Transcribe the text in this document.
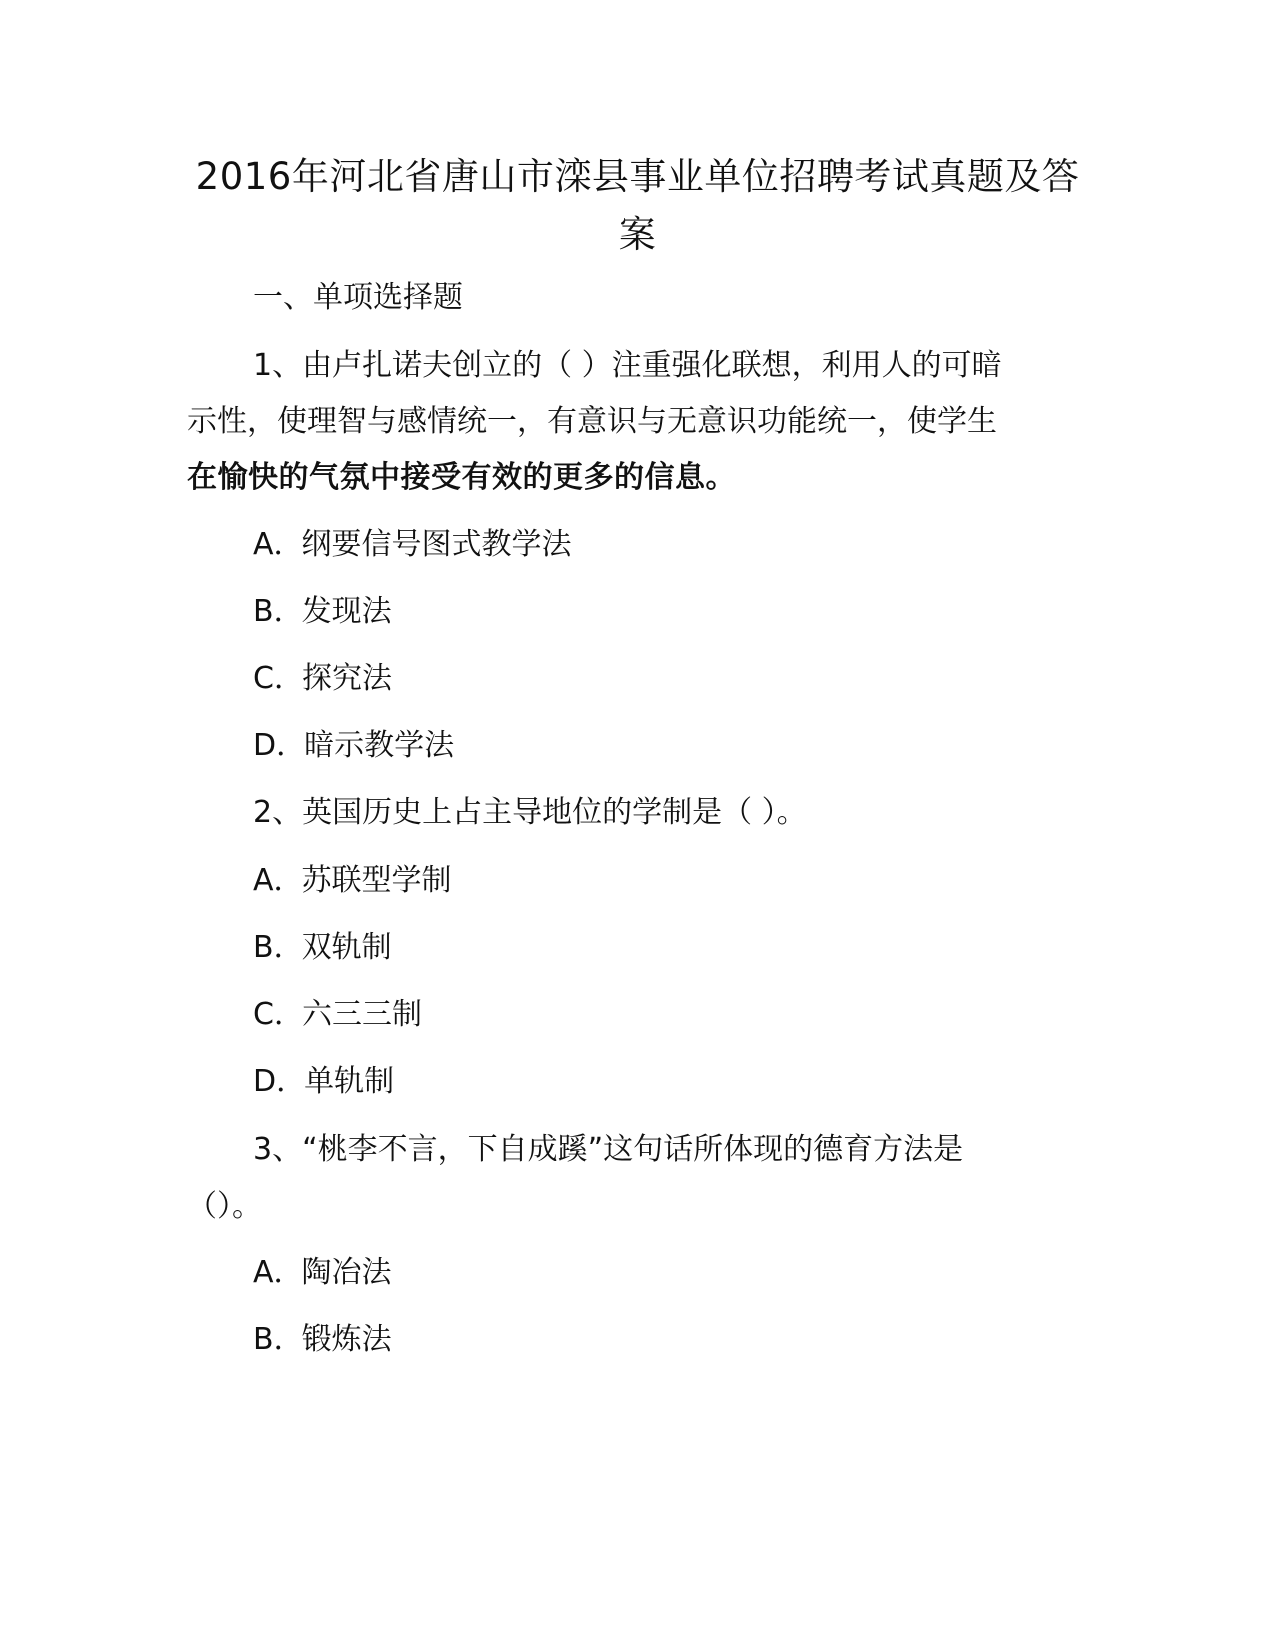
2016年河北省唐山市滦县事业单位招聘考试真题及答案

一、单项选择题

1、由卢扎诺夫创立的（ ）注重强化联想，利用人的可暗

示性，使理智与感情统一，有意识与无意识功能统一，使学生

在愉快的气氛中接受有效的更多的信息。

A．纲要信号图式教学法

B．发现法

C．探究法

D．暗示教学法

2、英国历史上占主导地位的学制是（ ）。

A．苏联型学制

B．双轨制

C．六三三制

D．单轨制

3、“桃李不言，下自成蹊”这句话所体现的德育方法是

（）。

A．陶冶法

B．锻炼法
